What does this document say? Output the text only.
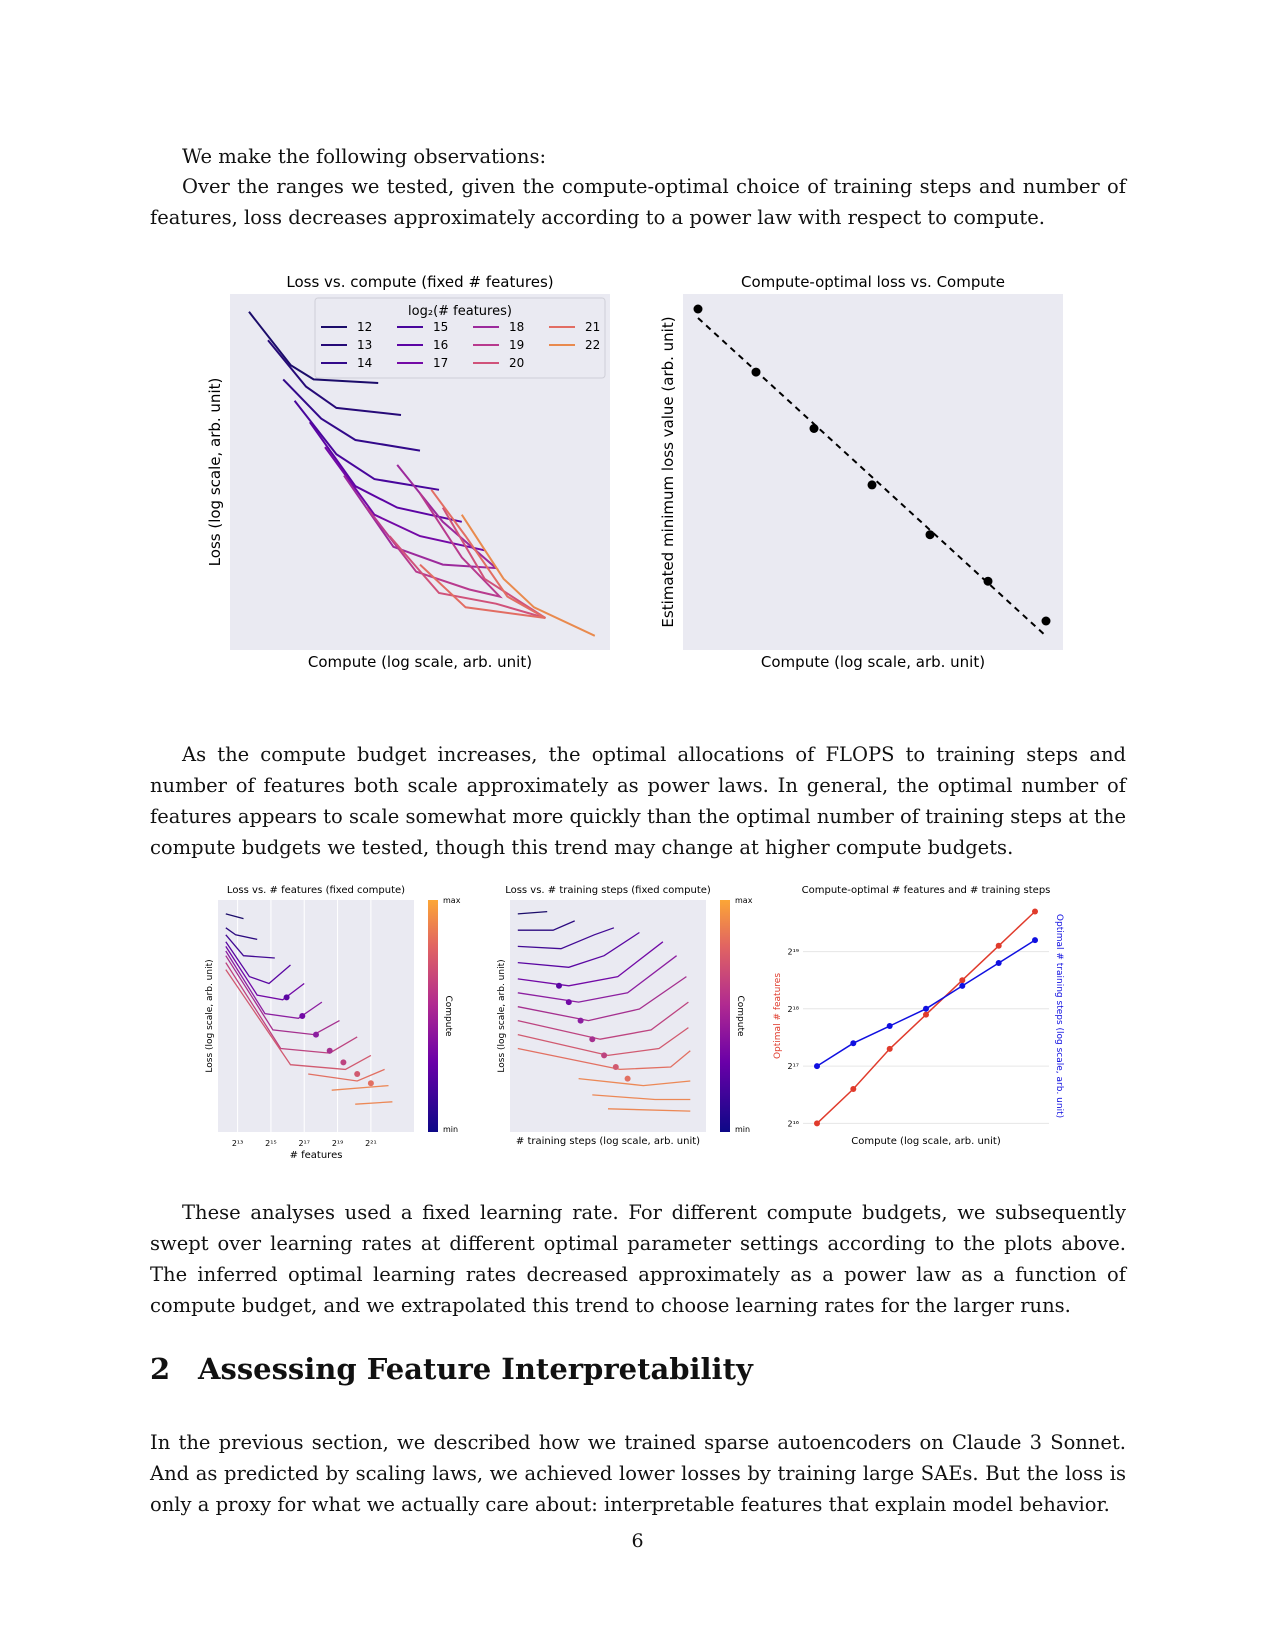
We make the following observations:

Over the ranges we tested, given the compute-optimal choice of training steps and number of features, loss decreases approximately according to a power law with respect to compute.

Loss vs. compute (fixed # features)
Compute (log scale, arb. unit)
Loss (log scale, arb. unit)
log₂(# features)
12
13
14
15
16
17
18
19
20
21
22
Compute-optimal loss vs. Compute
Compute (log scale, arb. unit)
Estimated minimum loss value (arb. unit)

As the compute budget increases, the optimal allocations of FLOPS to training steps and number of features both scale approximately as power laws. In general, the optimal number of features appears to scale somewhat more quickly than the optimal number of training steps at the compute budgets we tested, though this trend may change at higher compute budgets.

Loss vs. # features (fixed compute)
# features
Loss (log scale, arb. unit)
2¹³	2¹⁵	2¹⁷	2¹⁹	2²¹
max
min
Compute
Loss vs. # training steps (fixed compute)
# training steps (log scale, arb. unit)
Loss (log scale, arb. unit)
max
min
Compute
Compute-optimal # features and # training steps
Compute (log scale, arb. unit)
Optimal # features	Optimal # training steps (log scale, arb. unit)
2¹⁶
2¹⁷
2¹⁸
2¹⁹

These analyses used a fixed learning rate. For different compute budgets, we subsequently swept over learning rates at different optimal parameter settings according to the plots above. The inferred optimal learning rates decreased approximately as a power law as a function of compute budget, and we extrapolated this trend to choose learning rates for the larger runs.

2 Assessing Feature Interpretability

In the previous section, we described how we trained sparse autoencoders on Claude 3 Sonnet. And as predicted by scaling laws, we achieved lower losses by training large SAEs. But the loss is only a proxy for what we actually care about: interpretable features that explain model behavior.

6
